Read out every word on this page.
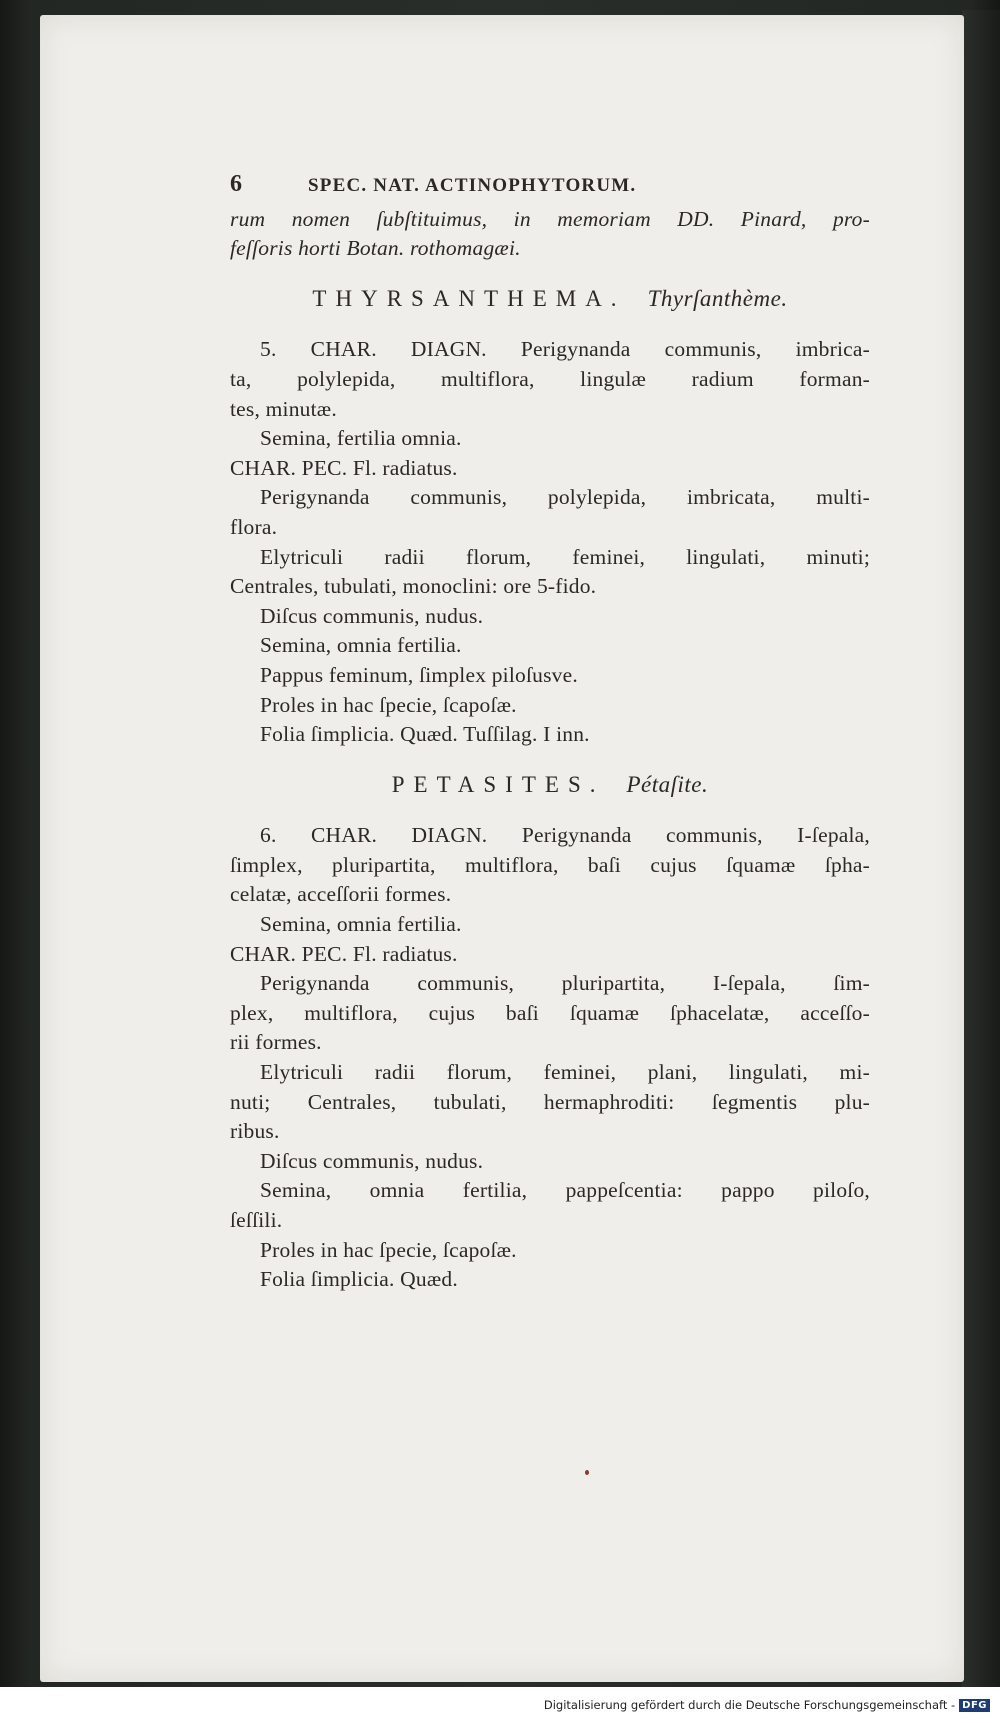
6	SPEC. NAT. ACTINOPHYTORUM.
rum nomen ſubſtituimus, in memoriam DD. Pinard, pro-
feſſoris horti Botan. rothomagæi.
THYRSANTHEMA. Thyrſanthème.
5. CHAR. DIAGN. Perigynanda communis, imbrica-
ta, polylepida, multiflora, lingulæ radium forman-
tes, minutæ.
Semina, fertilia omnia.
CHAR. PEC. Fl. radiatus.
Perigynanda communis, polylepida, imbricata, multi-
flora.
Elytriculi radii florum, feminei, lingulati, minuti;
Centrales, tubulati, monoclini: ore 5-fido.
Diſcus communis, nudus.
Semina, omnia fertilia.
Pappus feminum, ſimplex piloſusve.
Proles in hac ſpecie, ſcapoſæ.
Folia ſimplicia. Quæd. Tuſſilag. I inn.
PETASITES. Pétaſite.
6. CHAR. DIAGN. Perigynanda communis, I-ſepala,
ſimplex, pluripartita, multiflora, baſi cujus ſquamæ ſpha-
celatæ, acceſſorii formes.
Semina, omnia fertilia.
CHAR. PEC. Fl. radiatus.
Perigynanda communis, pluripartita, I-ſepala, ſim-
plex, multiflora, cujus baſi ſquamæ ſphacelatæ, acceſſo-
rii formes.
Elytriculi radii florum, feminei, plani, lingulati, mi-
nuti; Centrales, tubulati, hermaphroditi: ſegmentis plu-
ribus.
Diſcus communis, nudus.
Semina, omnia fertilia, pappeſcentia: pappo piloſo,
ſeſſili.
Proles in hac ſpecie, ſcapoſæ.
Folia ſimplicia. Quæd.
Digitalisierung gefördert durch die Deutsche Forschungsgemeinschaft - DFG
